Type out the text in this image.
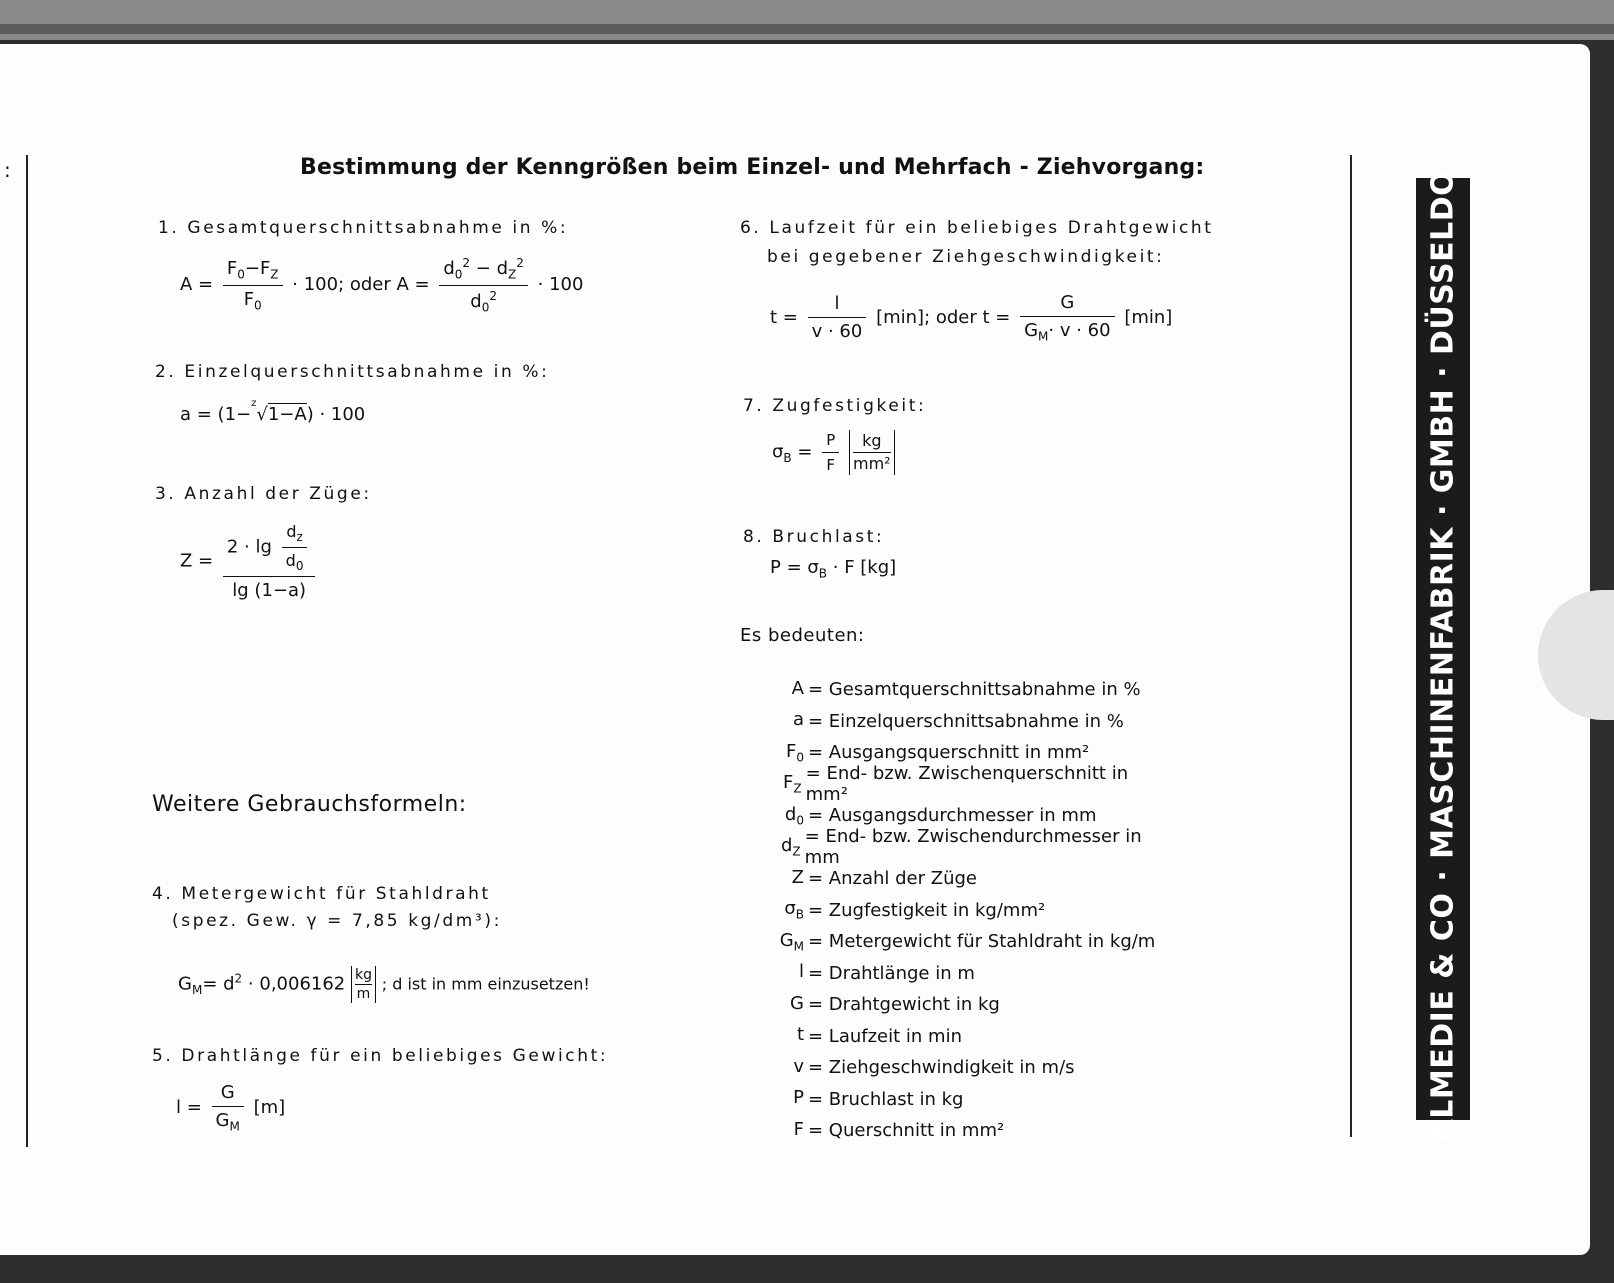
:	Bestimmung der Kenngrößen beim Einzel- und Mehrfach - Ziehvorgang:
1. Gesamtquerschnittsabnahme in %:
$A = \frac{F_0-F_Z}{F_0} \cdot 100$; oder $A = \frac{d_0^2 - d_Z^2}{d_0^2} \cdot 100$
2. Einzelquerschnittsabnahme in %:
a = (1−$^z$√1−A) · 100
3. Anzahl der Züge:
$Z = \frac{2 \cdot \lg \frac{d_z}{d_0}}{\lg (1-a)}$
Weitere Gebrauchsformeln:
4. Metergewicht für Stahldraht
(spez. Gew. γ = 7,85 kg/dm³):
$G_M= d^2 \cdot 0,006162 \frac{kg}{m}$ ; d ist in mm einzusetzen!
5. Drahtlänge für ein beliebiges Gewicht:
$l = \frac{G}{G_M} [m]$
6. Laufzeit für ein beliebiges Drahtgewicht
bei gegebener Ziehgeschwindigkeit:
$t = \frac{l}{v \cdot 60} [\min]$; oder $t = \frac{G}{G_M\cdot v \cdot 60} [\min]$
7. Zugfestigkeit:
$\sigma_B = \frac{P}{F}$
$\frac{kg}{\text{mm²}}$
8. Bruchlast:
$P = \sigma_B \cdot F$ [kg]
Es bedeuten:
A = Gesamtquerschnittsabnahme in %
a = Einzelquerschnittsabnahme in %
$F_0$ = Ausgangsquerschnitt in mm²
$F_Z$
= End- bzw. Zwischenquerschnitt in mm²
$d_0$ = Ausgangsdurchmesser in mm
$d_Z$
= End- bzw. Zwischendurchmesser in mm
Z = Anzahl der Züge
$\sigma_B$ = Zugfestigkeit in kg/mm²
$G_M$ = Metergewicht für Stahldraht in kg/m
l = Drahtlänge in m
G = Drahtgewicht in kg
t = Laufzeit in min
v = Ziehgeschwindigkeit in m/s
P = Bruchlast in kg
F = Querschnitt in mm²	MALMEDIE & CO · MASCHINENFABRIK · GMBH · DÜSSELDORF
